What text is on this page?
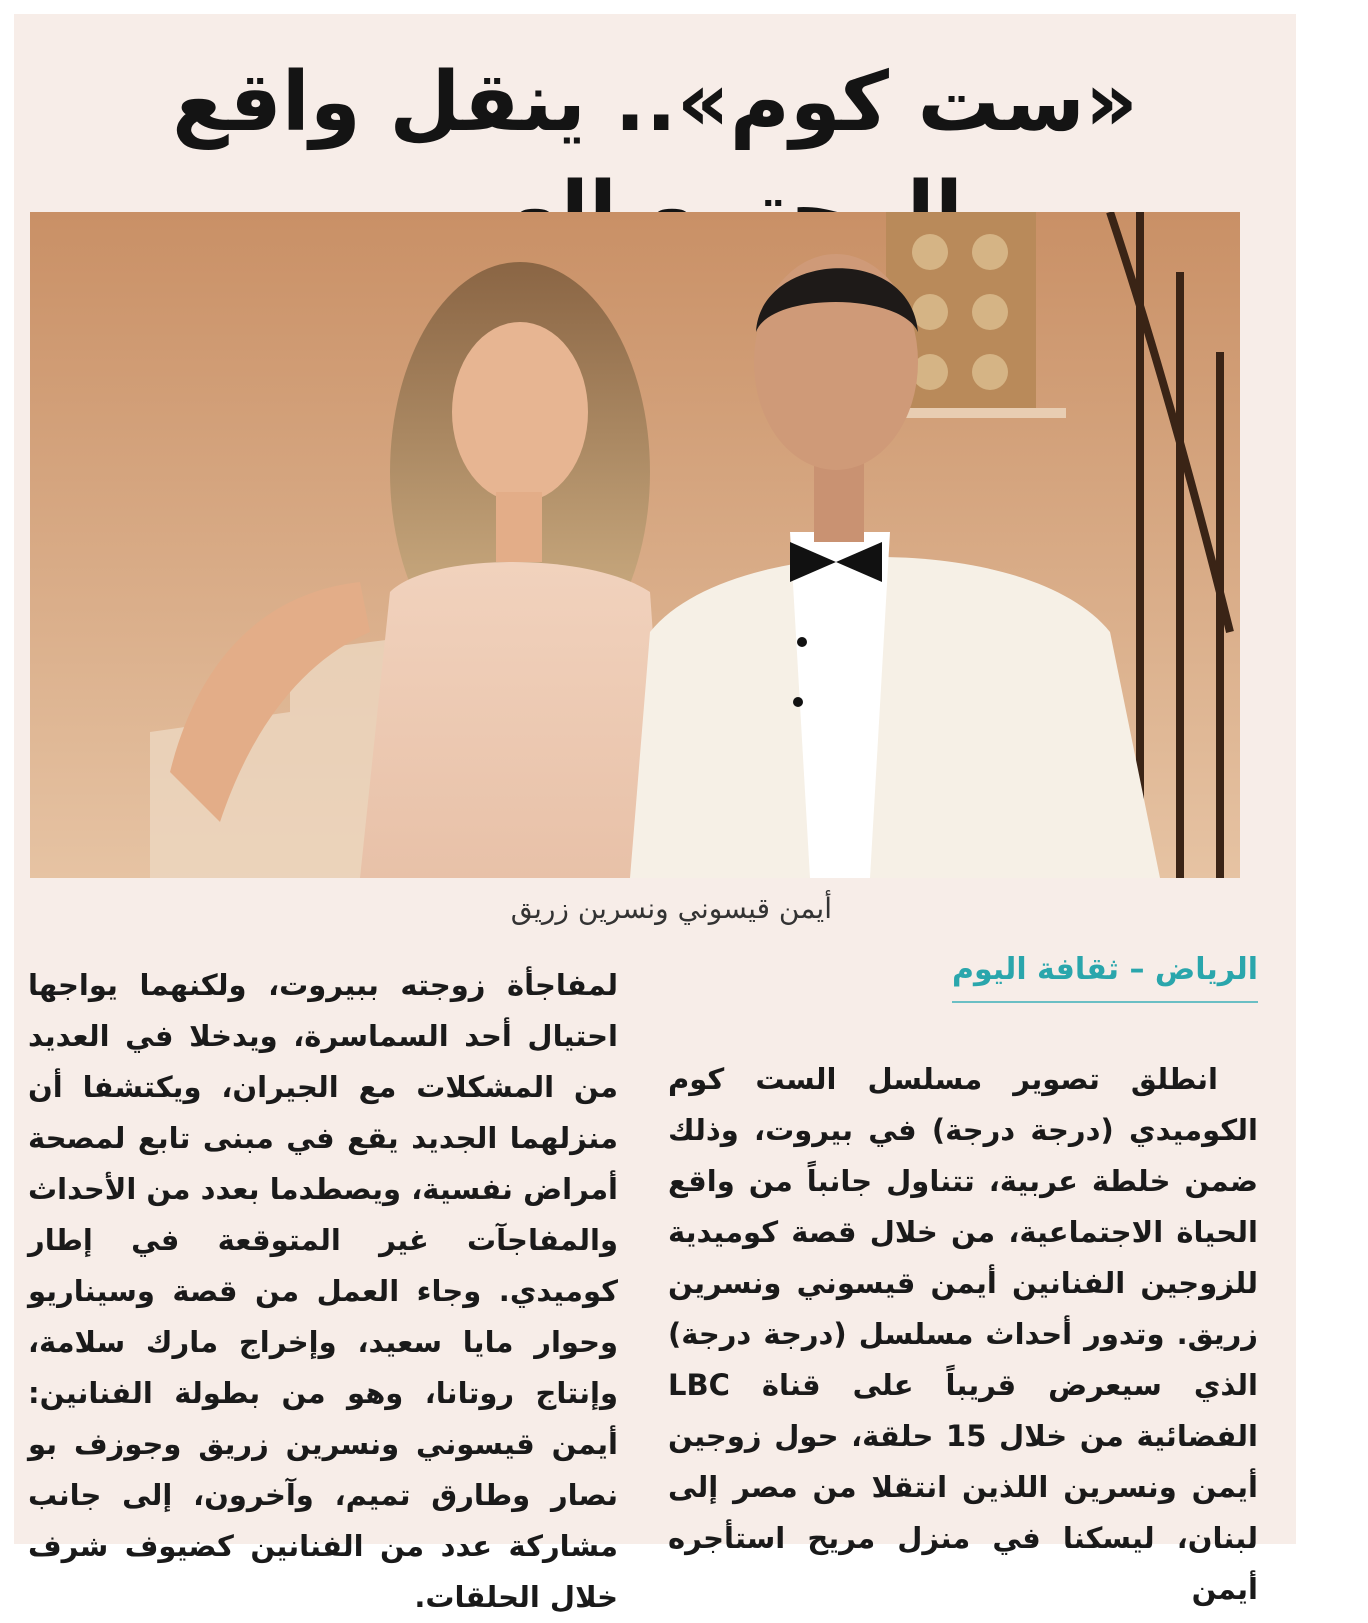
«ست كوم».. ينقل واقع
أيمن قيسوني ونسرين زريق
الرياض – ثقافة اليوم
انطلق تصوير مسلسل الست كوم الكوميدي (درجة درجة) في بيروت، وذلك ضمن خلطة عربية، تتناول جانباً من واقع الحياة الاجتماعية، من خلال قصة كوميدية للزوجين الفنانين أيمن قيسوني ونسرين زريق. وتدور أحداث مسلسل (درجة درجة) الذي سيعرض قريباً على قناة LBC الفضائية من خلال 15 حلقة، حول زوجين أيمن ونسرين اللذين انتقلا من مصر إلى لبنان، ليسكنا في منزل مريح استأجره أيمن
لمفاجأة زوجته ببيروت، ولكنهما يواجها احتيال أحد السماسرة، ويدخلا في العديد من المشكلات مع الجيران، ويكتشفا أن منزلهما الجديد يقع في مبنى تابع لمصحة أمراض نفسية، ويصطدما بعدد من الأحداث والمفاجآت غير المتوقعة في إطار كوميدي. وجاء العمل من قصة وسيناريو وحوار مايا سعيد، وإخراج مارك سلامة، وإنتاج روتانا، وهو من بطولة الفنانين: أيمن قيسوني ونسرين زريق وجوزف بو نصار وطارق تميم، وآخرون، إلى جانب مشاركة عدد من الفنانين كضيوف شرف خلال الحلقات.
